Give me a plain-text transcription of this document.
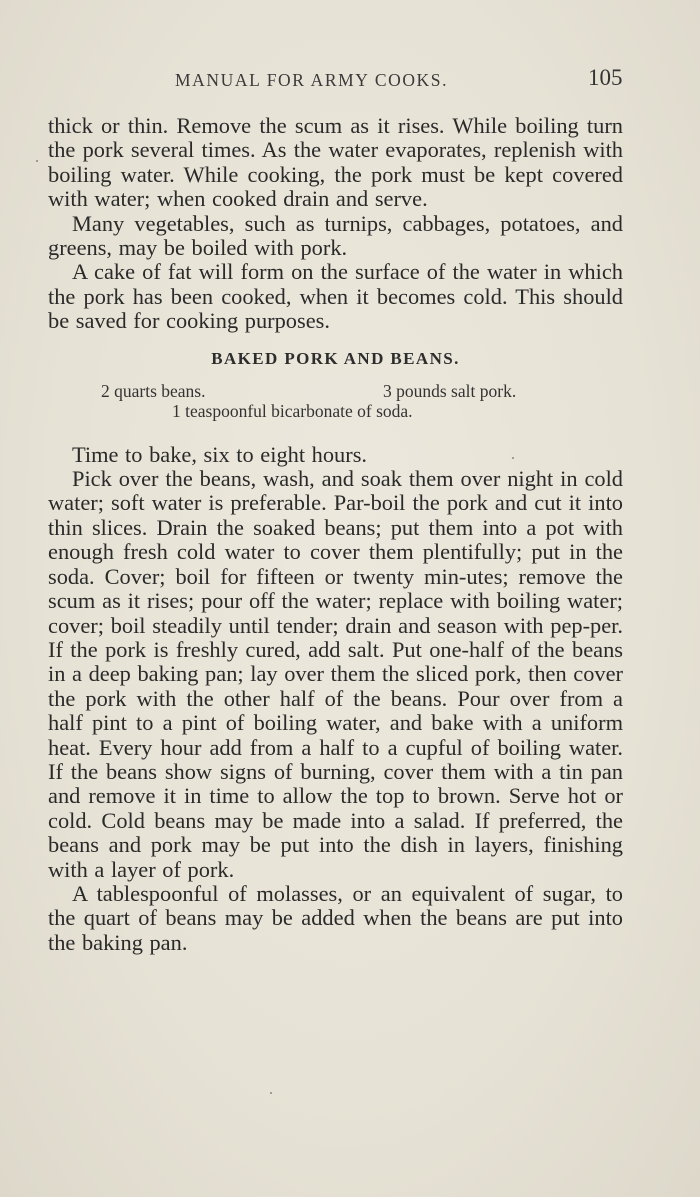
MANUAL FOR ARMY COOKS.	105

thick or thin. Remove the scum as it rises. While boiling turn the pork several times. As the water evaporates, replenish with boiling water. While cooking, the pork must be kept covered with water; when cooked drain and serve.

Many vegetables, such as turnips, cabbages, potatoes, and greens, may be boiled with pork.

A cake of fat will form on the surface of the water in which the pork has been cooked, when it becomes cold. This should be saved for cooking purposes.

BAKED PORK AND BEANS.
2 quarts beans.	3 pounds salt pork.
1 teaspoonful bicarbonate of soda.

Time to bake, six to eight hours.

Pick over the beans, wash, and soak them over night in cold water; soft water is preferable. Par-boil the pork and cut it into thin slices. Drain the soaked beans; put them into a pot with enough fresh cold water to cover them plentifully; put in the soda. Cover; boil for fifteen or twenty min-utes; remove the scum as it rises; pour off the water; replace with boiling water; cover; boil steadily until tender; drain and season with pep-per. If the pork is freshly cured, add salt. Put one-half of the beans in a deep baking pan; lay over them the sliced pork, then cover the pork with the other half of the beans. Pour over from a half pint to a pint of boiling water, and bake with a uniform heat. Every hour add from a half to a cupful of boiling water. If the beans show signs of burning, cover them with a tin pan and remove it in time to allow the top to brown. Serve hot or cold. Cold beans may be made into a salad. If preferred, the beans and pork may be put into the dish in layers, finishing with a layer of pork.

A tablespoonful of molasses, or an equivalent of sugar, to the quart of beans may be added when the beans are put into the baking pan.
